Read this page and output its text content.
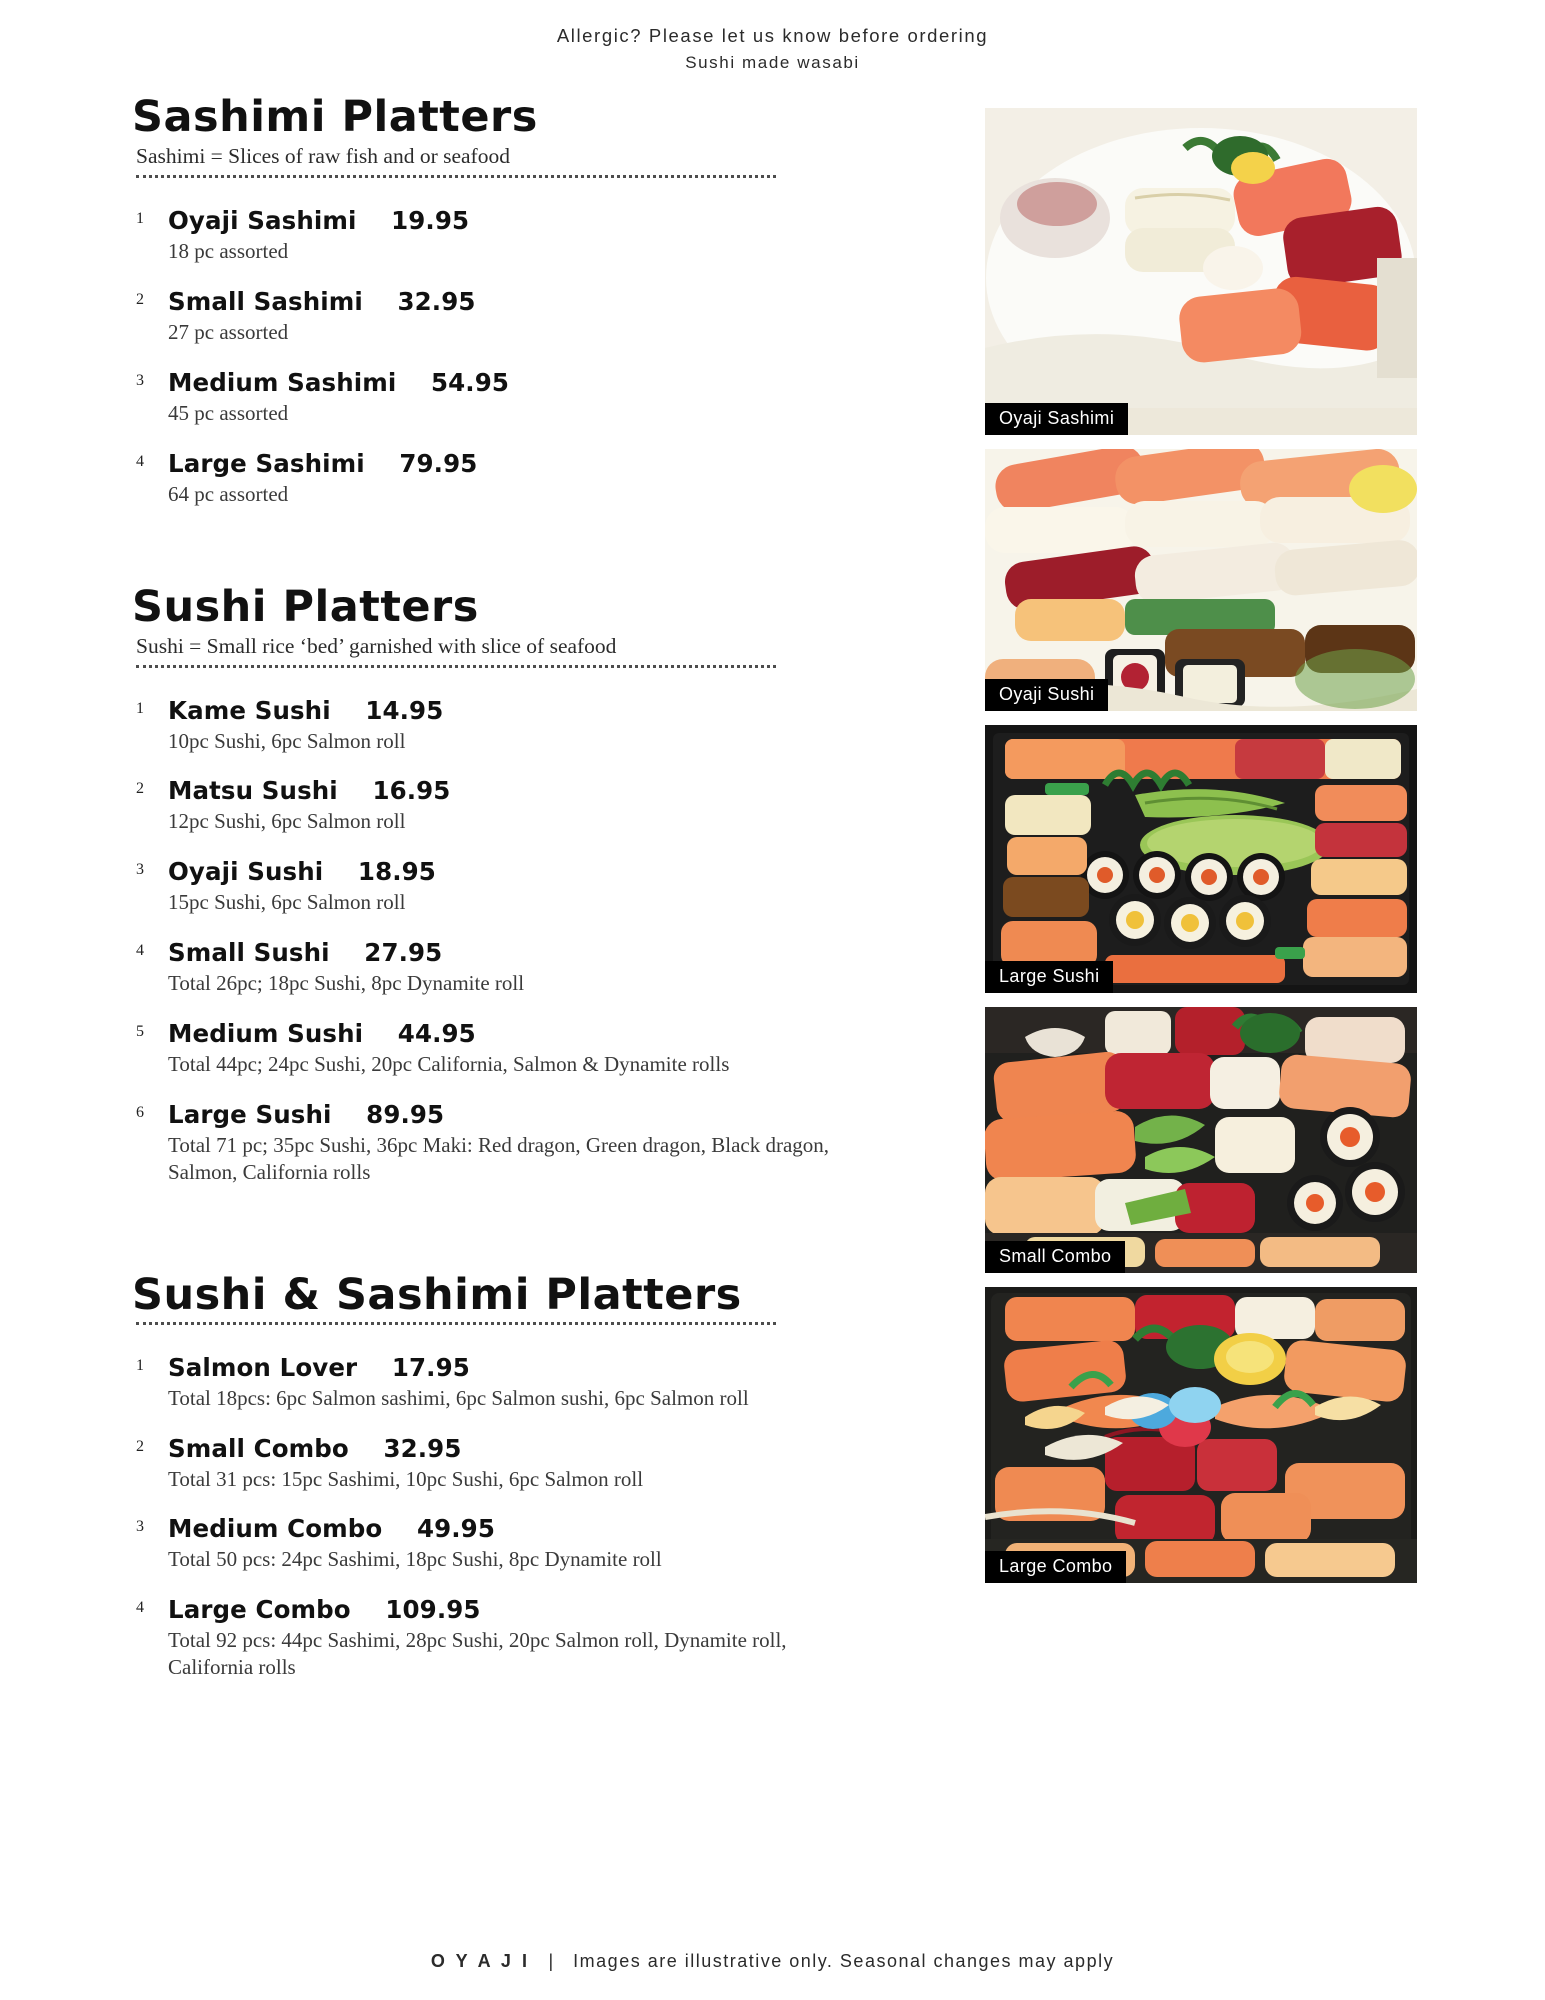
Allergic? Please let us know before ordering
Sushi made wasabi
Sashimi Platters
Sashimi = Slices of raw fish and or seafood
1 Oyaji Sashimi 19.95
18 pc assorted
2 Small Sashimi 32.95
27 pc assorted
3 Medium Sashimi 54.95
45 pc assorted
4 Large Sashimi 79.95
64 pc assorted
Sushi Platters
Sushi = Small rice ‘bed’ garnished with slice of seafood
1 Kame Sushi 14.95
10pc Sushi, 6pc Salmon roll
2 Matsu Sushi 16.95
12pc Sushi, 6pc Salmon roll
3 Oyaji Sushi 18.95
15pc Sushi, 6pc Salmon roll
4 Small Sushi 27.95
Total 26pc; 18pc Sushi, 8pc Dynamite roll
5 Medium Sushi 44.95
Total 44pc; 24pc Sushi, 20pc California, Salmon & Dynamite rolls
6 Large Sushi 89.95
Total 71 pc; 35pc Sushi, 36pc Maki: Red dragon, Green dragon, Black dragon, Salmon, California rolls
Sushi & Sashimi Platters
1 Salmon Lover 17.95
Total 18pcs: 6pc Salmon sashimi, 6pc Salmon sushi, 6pc Salmon roll
2 Small Combo 32.95
Total 31 pcs: 15pc Sashimi, 10pc Sushi, 6pc Salmon roll
3 Medium Combo 49.95
Total 50 pcs: 24pc Sashimi, 18pc Sushi, 8pc Dynamite roll
4 Large Combo 109.95
Total 92 pcs: 44pc Sashimi, 28pc Sushi, 20pc Salmon roll, Dynamite roll, California rolls
Oyaji Sashimi
Oyaji Sushi
Large Sushi
Small Combo
Large Combo
O Y A J I | Images are illustrative only. Seasonal changes may apply
